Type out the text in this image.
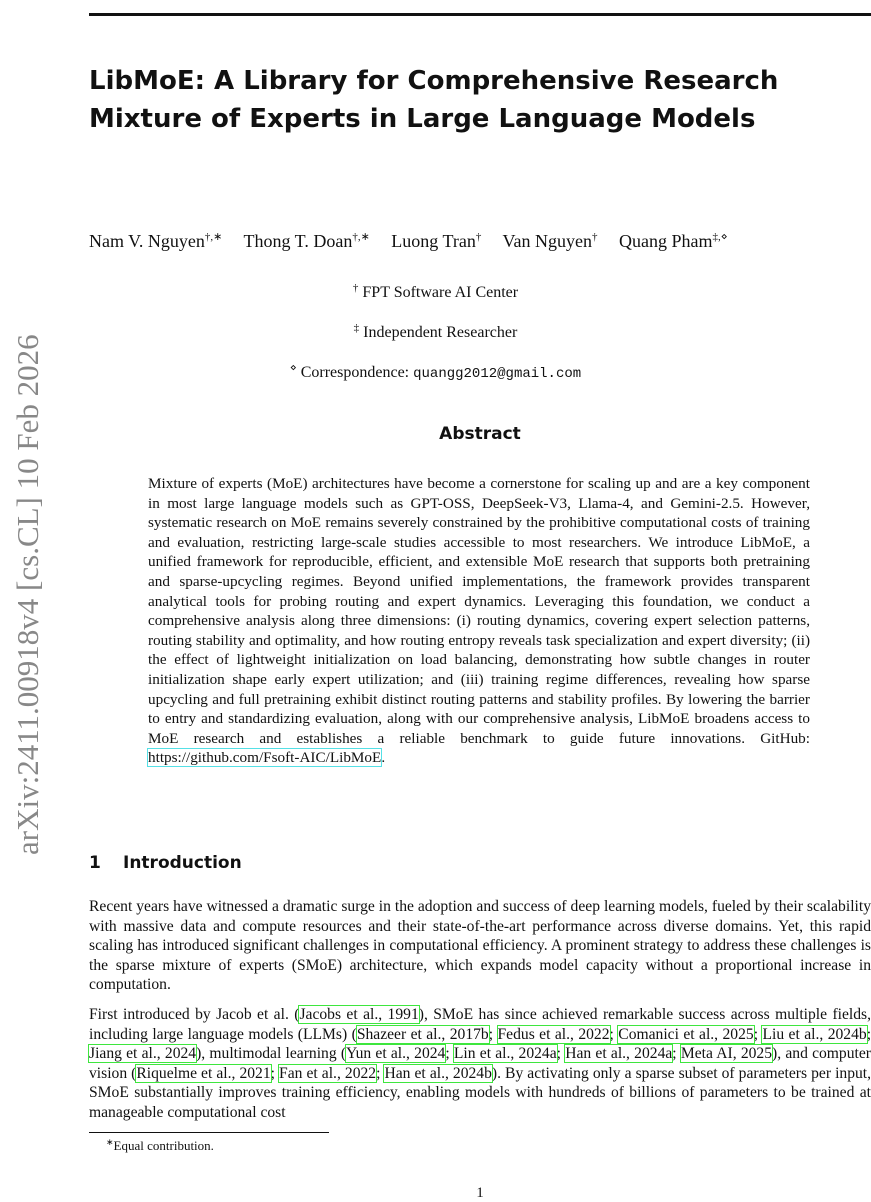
arXiv:2411.00918v4 [cs.CL] 10 Feb 2026
LibMoE: A Library for Comprehensive Research Mixture of Experts in Large Language Models
Nam V. Nguyen†,∗ Thong T. Doan†,∗ Luong Tran† Van Nguyen† Quang Pham‡,⋄
† FPT Software AI Center
‡ Independent Researcher
⋄ Correspondence: quangg2012@gmail.com
Abstract

Mixture of experts (MoE) architectures have become a cornerstone for scaling up and are a key component in most large language models such as GPT-OSS, DeepSeek-V3, Llama-4, and Gemini-2.5. However, systematic research on MoE remains severely constrained by the prohibitive computational costs of training and evaluation, restricting large-scale studies accessible to most researchers. We introduce LibMoE, a unified framework for reproducible, efficient, and extensible MoE research that supports both pretraining and sparse-upcycling regimes. Beyond unified implementations, the framework provides transparent analytical tools for probing routing and expert dynamics. Leveraging this foundation, we conduct a comprehensive analysis along three dimensions: (i) routing dynamics, covering expert selection patterns, routing stability and optimality, and how routing entropy reveals task specialization and expert diversity; (ii) the effect of lightweight initialization on load balancing, demonstrating how subtle changes in router initialization shape early expert utilization; and (iii) training regime differences, revealing how sparse upcycling and full pretraining exhibit distinct routing patterns and stability profiles. By lowering the barrier to entry and standardizing evaluation, along with our comprehensive analysis, LibMoE broadens access to MoE research and establishes a reliable benchmark to guide future innovations. GitHub: https://github.com/Fsoft-AIC/LibMoE.

1 Introduction

Recent years have witnessed a dramatic surge in the adoption and success of deep learning models, fueled by their scalability with massive data and compute resources and their state-of-the-art performance across diverse domains. Yet, this rapid scaling has introduced significant challenges in computational efficiency. A prominent strategy to address these challenges is the sparse mixture of experts (SMoE) architecture, which expands model capacity without a proportional increase in computation.

First introduced by Jacob et al. (Jacobs et al., 1991), SMoE has since achieved remarkable success across multiple fields, including large language models (LLMs) (Shazeer et al., 2017b; Fedus et al., 2022; Comanici et al., 2025; Liu et al., 2024b; Jiang et al., 2024), multimodal learning (Yun et al., 2024; Lin et al., 2024a; Han et al., 2024a; Meta AI, 2025), and computer vision (Riquelme et al., 2021; Fan et al., 2022; Han et al., 2024b). By activating only a sparse subset of parameters per input, SMoE substantially improves training efficiency, enabling models with hundreds of billions of parameters to be trained at manageable computational cost

∗Equal contribution.
1
